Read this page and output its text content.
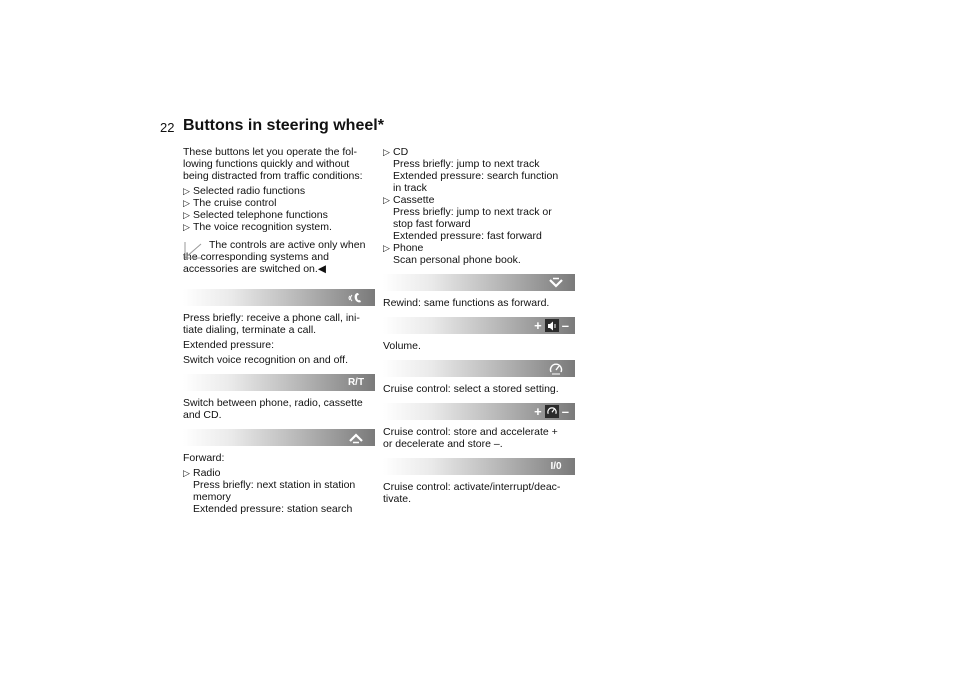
22 Buttons in steering wheel*

These buttons let you operate the fol-
lowing functions quickly and without
being distracted from traffic conditions:

▷ Selected radio functions
▷ The cruise control
▷ Selected telephone functions
▷ The voice recognition system.

The controls are active only when
the corresponding systems and
accessories are switched on.◀

Press briefly: receive a phone call, ini-
tiate dialing, terminate a call.

Extended pressure:

Switch voice recognition on and off.

R/T

Switch between phone, radio, cassette
and CD.

Forward:

▷ Radio
Press briefly: next station in station
memory
Extended pressure: station search
▷ CD
Press briefly: jump to next track
Extended pressure: search function
in track
▷ Cassette
Press briefly: jump to next track or
stop fast forward
Extended pressure: fast forward
▷ Phone
Scan personal phone book.

Rewind: same functions as forward.

+ –

Volume.

Cruise control: select a stored setting.

+ –

Cruise control: store and accelerate +
or decelerate and store –.

I/0

Cruise control: activate/interrupt/deac-
tivate.
